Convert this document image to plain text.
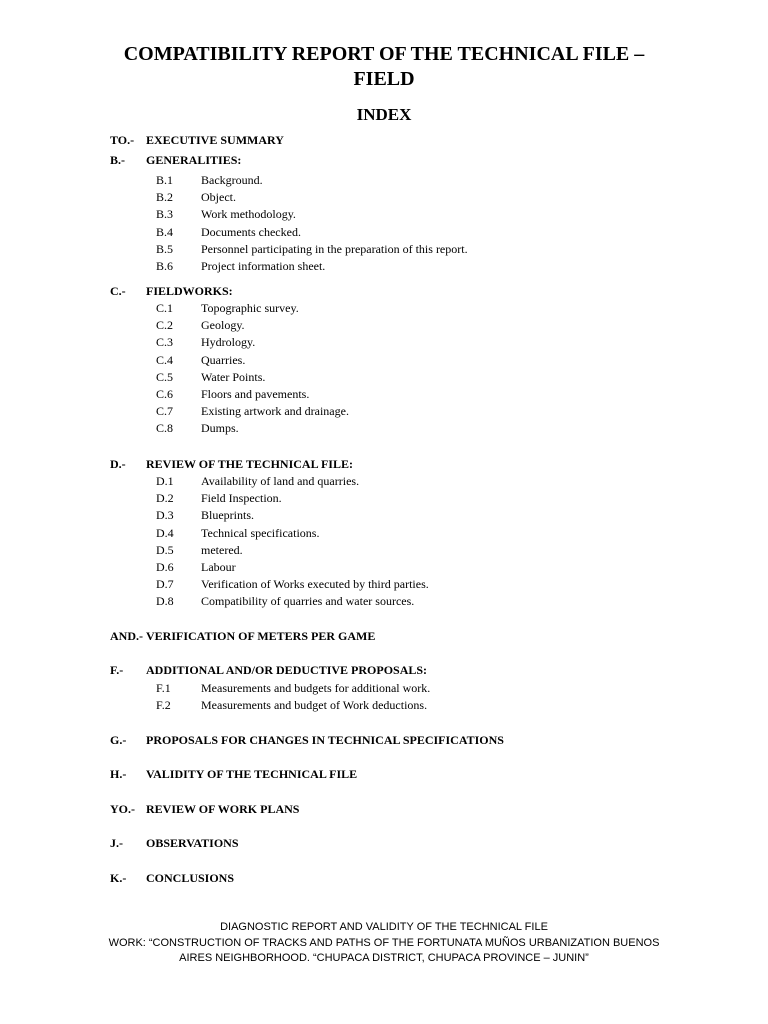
COMPATIBILITY REPORT OF THE TECHNICAL FILE –
FIELD
INDEX
TO.- EXECUTIVE SUMMARY
B.- GENERALITIES:
B.1 Background.
B.2 Object.
B.3 Work methodology.
B.4 Documents checked.
B.5 Personnel participating in the preparation of this report.
B.6 Project information sheet.
C.- FIELDWORKS:
C.1 Topographic survey.
C.2 Geology.
C.3 Hydrology.
C.4 Quarries.
C.5 Water Points.
C.6 Floors and pavements.
C.7 Existing artwork and drainage.
C.8 Dumps.
D.- REVIEW OF THE TECHNICAL FILE:
D.1 Availability of land and quarries.
D.2 Field Inspection.
D.3 Blueprints.
D.4 Technical specifications.
D.5 metered.
D.6 Labour
D.7 Verification of Works executed by third parties.
D.8 Compatibility of quarries and water sources.
AND.- VERIFICATION OF METERS PER GAME
F.- ADDITIONAL AND/OR DEDUCTIVE PROPOSALS:
F.1	Measurements and budgets for additional work.
F.2	Measurements and budget of Work deductions.
G.- PROPOSALS FOR CHANGES IN TECHNICAL SPECIFICATIONS
H.- VALIDITY OF THE TECHNICAL FILE
YO.- REVIEW OF WORK PLANS
J.- OBSERVATIONS
K.- CONCLUSIONS
DIAGNOSTIC REPORT AND VALIDITY OF THE TECHNICAL FILE
WORK: “CONSTRUCTION OF TRACKS AND PATHS OF THE FORTUNATA MUÑOS URBANIZATION BUENOS
AIRES NEIGHBORHOOD. “CHUPACA DISTRICT, CHUPACA PROVINCE – JUNIN”
